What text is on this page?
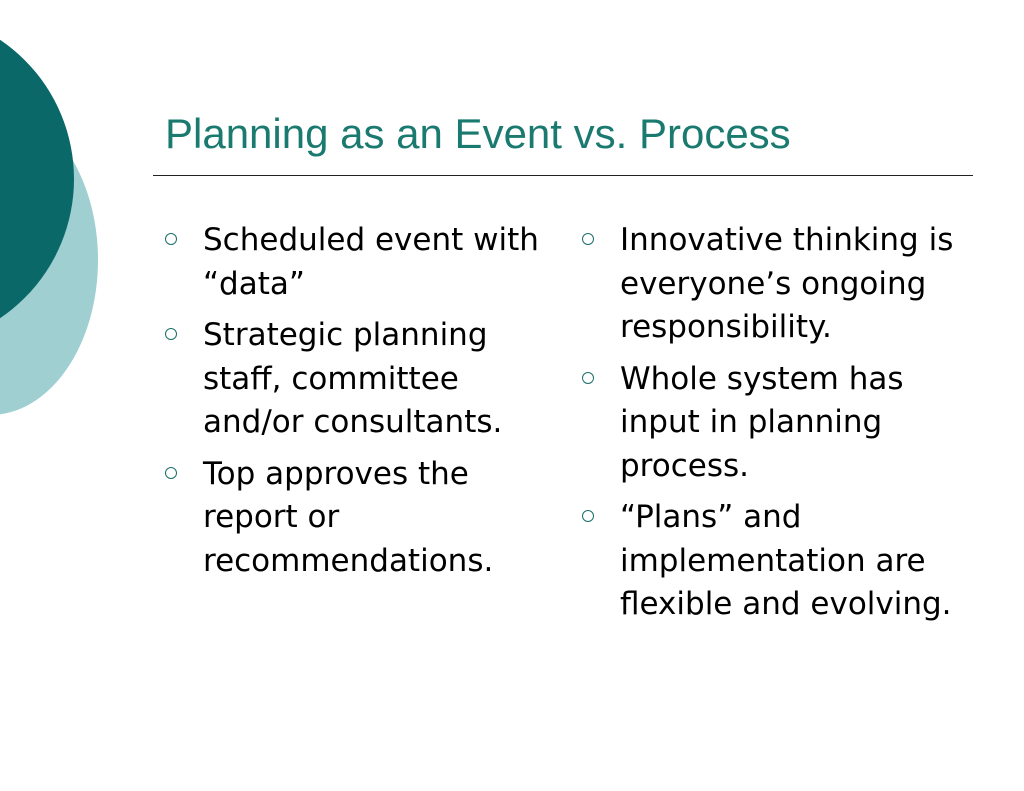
Planning as an Event vs. Process
Scheduled event with “data”
Strategic planning staff, committee and/or consultants.
Top approves the report or recommendations.
Innovative thinking is everyone’s ongoing responsibility.
Whole system has input in planning process.
“Plans” and implementation are flexible and evolving.
